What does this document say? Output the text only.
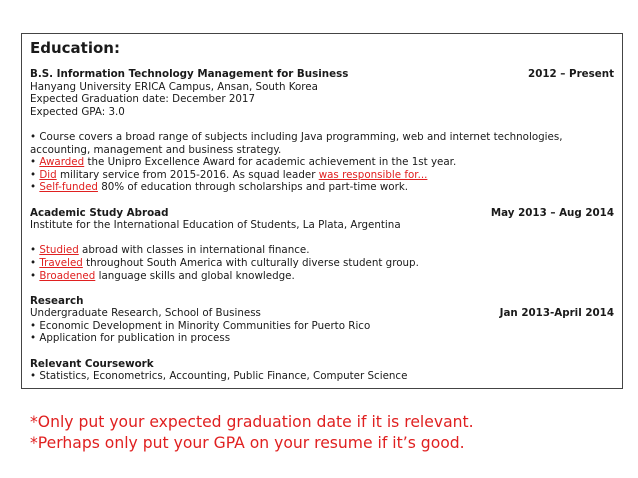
Education:
B.S. Information Technology Management for Business	2012 – Present
Hanyang University ERICA Campus, Ansan, South Korea
Expected Graduation date: December 2017
Expected GPA: 3.0
• Course covers a broad range of subjects including Java programming, web and internet technologies, accounting, management and business strategy.
• Awarded the Unipro Excellence Award for academic achievement in the 1st year.
• Did military service from 2015-2016. As squad leader was responsible for...
• Self-funded 80% of education through scholarships and part-time work.
Academic Study Abroad	May 2013 – Aug 2014
Institute for the International Education of Students, La Plata, Argentina
• Studied abroad with classes in international finance.
• Traveled throughout South America with culturally diverse student group.
• Broadened language skills and global knowledge.
Research
Undergraduate Research, School of Business	Jan 2013-April 2014
• Economic Development in Minority Communities for Puerto Rico
• Application for publication in process
Relevant Coursework
• Statistics, Econometrics, Accounting, Public Finance, Computer Science
*Only put your expected graduation date if it is relevant.
*Perhaps only put your GPA on your resume if it’s good.
